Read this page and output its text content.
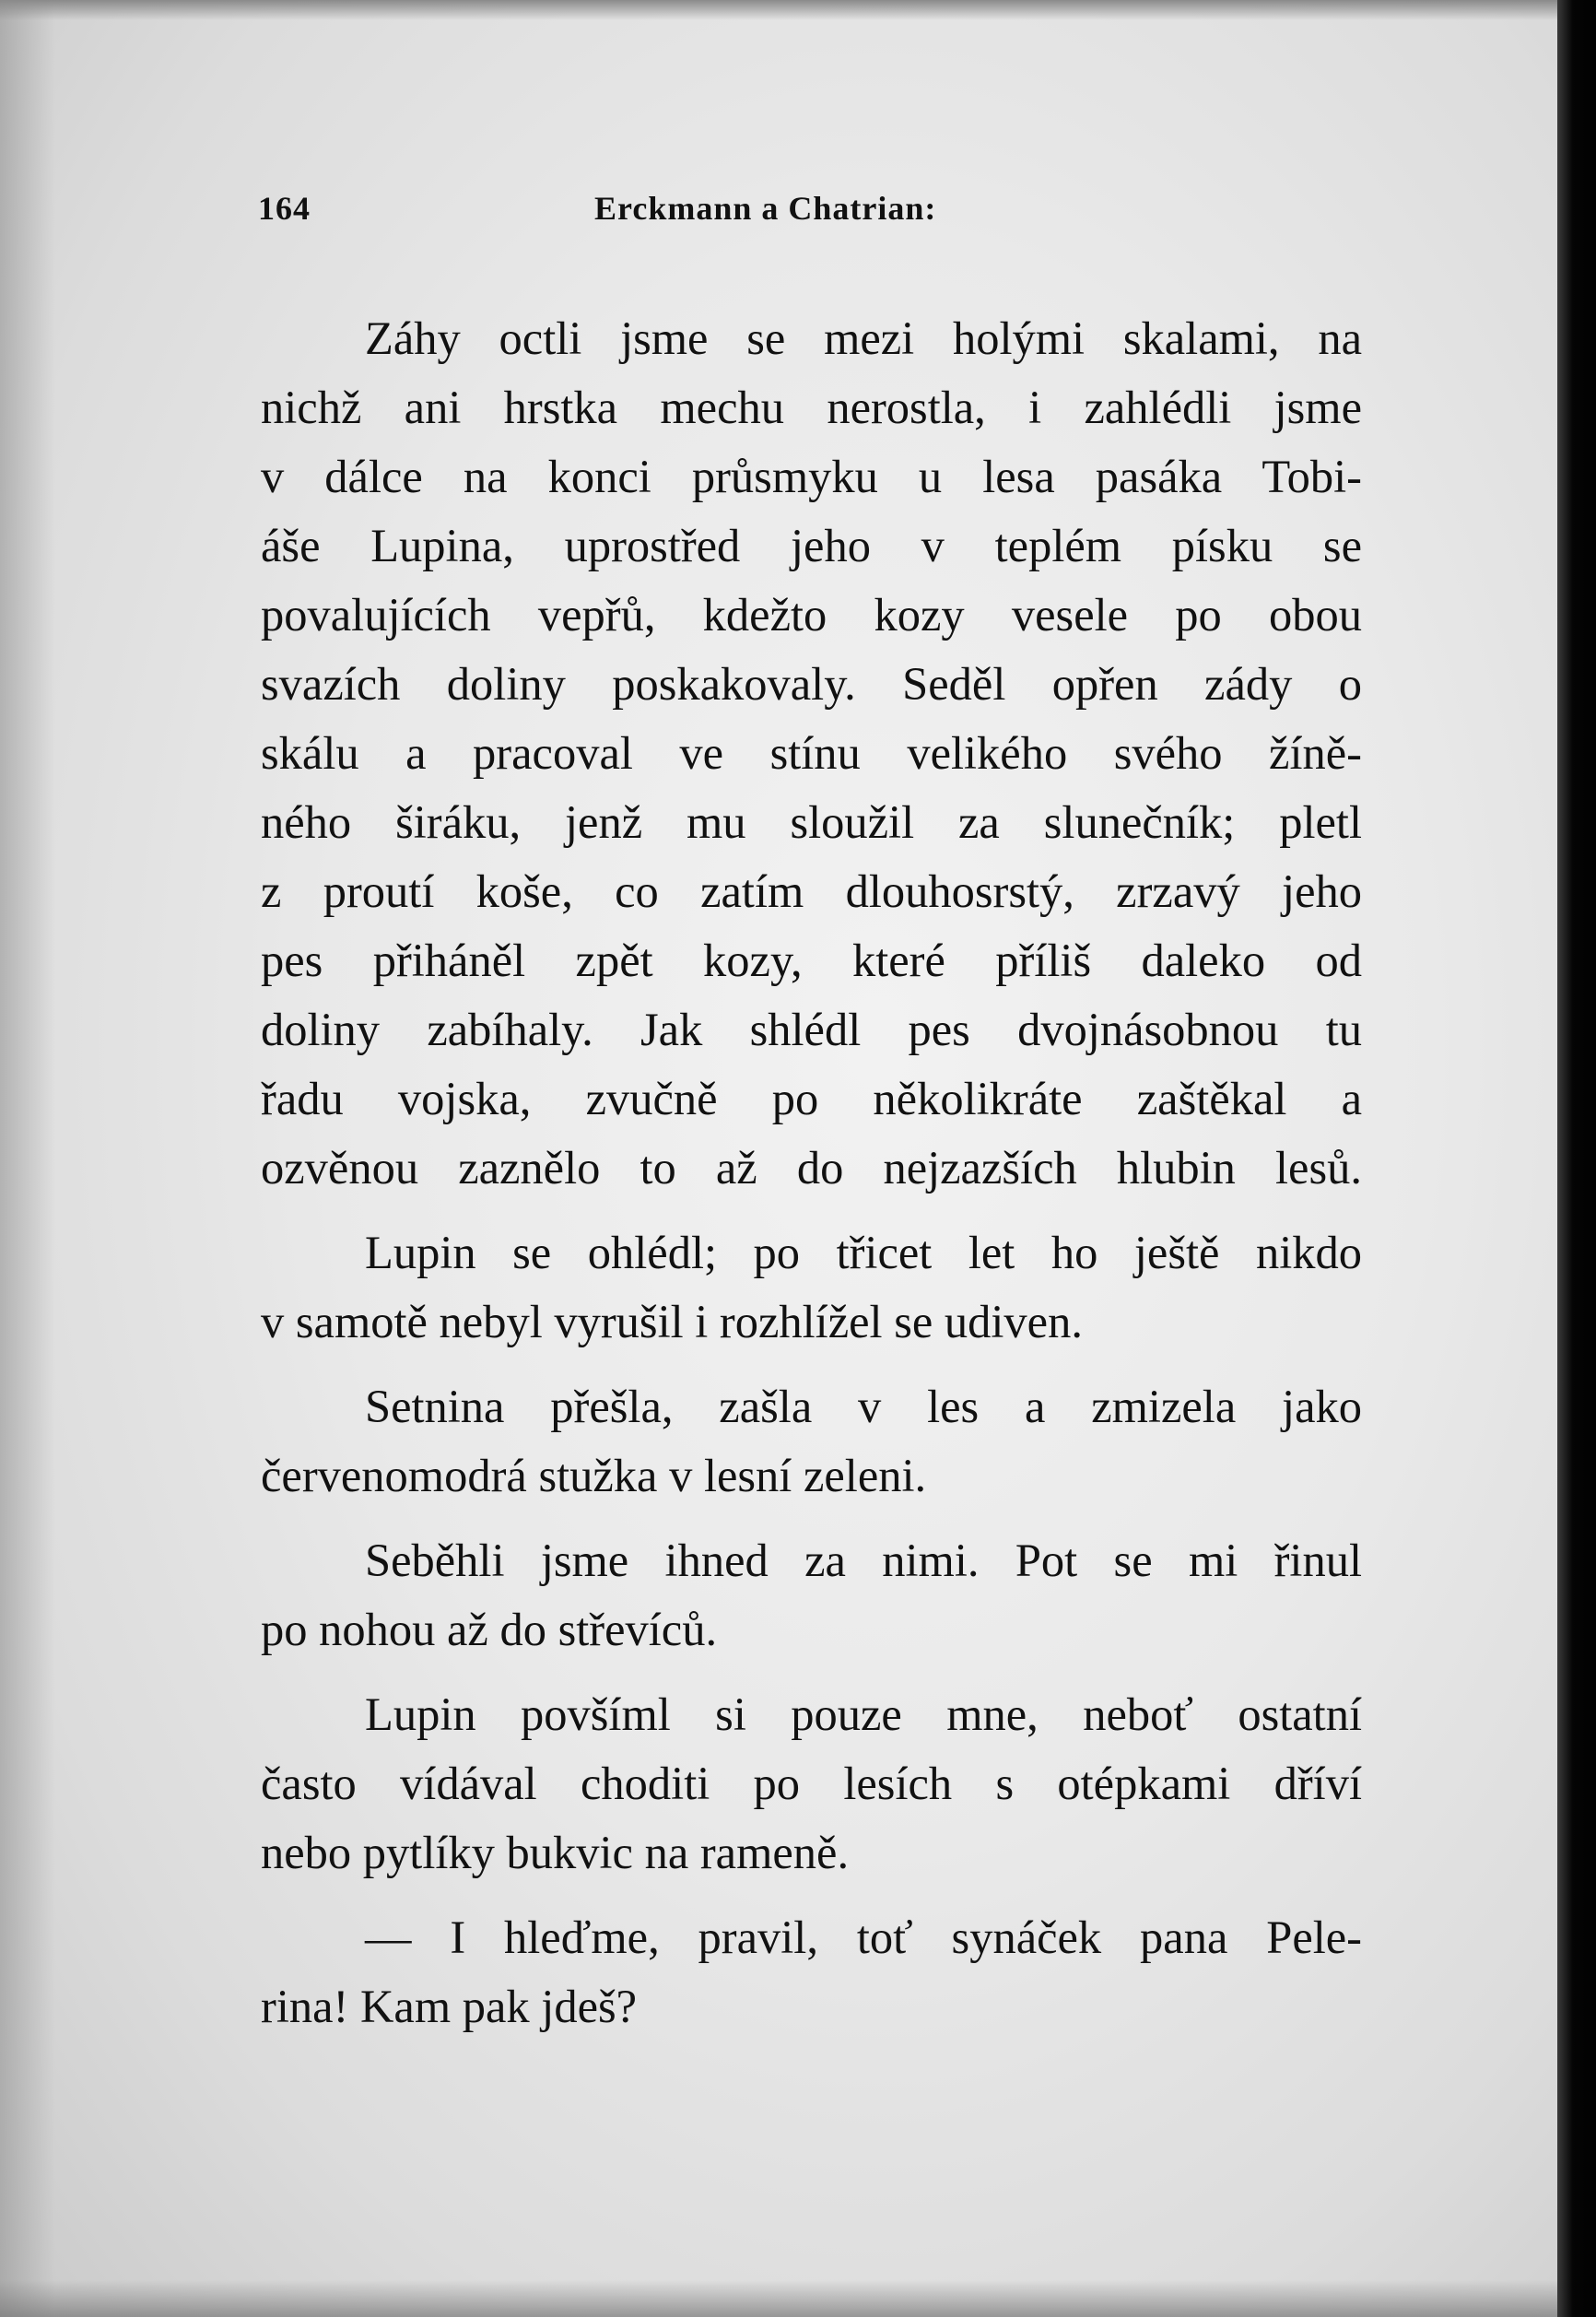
164	Erckmann a Chatrian:
Záhy octli jsme se mezi holými skalami, na
nichž ani hrstka mechu nerostla, i zahlédli jsme
v dálce na konci průsmyku u lesa pasáka Tobi-
áše Lupina, uprostřed jeho v teplém písku se
povalujících vepřů, kdežto kozy vesele po obou
svazích doliny poskakovaly. Seděl opřen zády o
skálu a pracoval ve stínu velikého svého žíně-
ného širáku, jenž mu sloužil za slunečník; pletl
z proutí koše, co zatím dlouhosrstý, zrzavý jeho
pes přiháněl zpět kozy, které příliš daleko od
doliny zabíhaly. Jak shlédl pes dvojnásobnou tu
řadu vojska, zvučně po několikráte zaštěkal a
ozvěnou zaznělo to až do nejzazších hlubin lesů.
Lupin se ohlédl; po třicet let ho ještě nikdo
v samotě nebyl vyrušil i rozhlížel se udiven.
Setnina přešla, zašla v les a zmizela jako
červenomodrá stužka v lesní zeleni.
Seběhli jsme ihned za nimi. Pot se mi řinul
po nohou až do střevíců.
Lupin povšíml si pouze mne, neboť ostatní
často vídával choditi po lesích s otépkami dříví
nebo pytlíky bukvic na rameně.
— I hleďme, pravil, toť synáček pana Pele-
rina! Kam pak jdeš?
